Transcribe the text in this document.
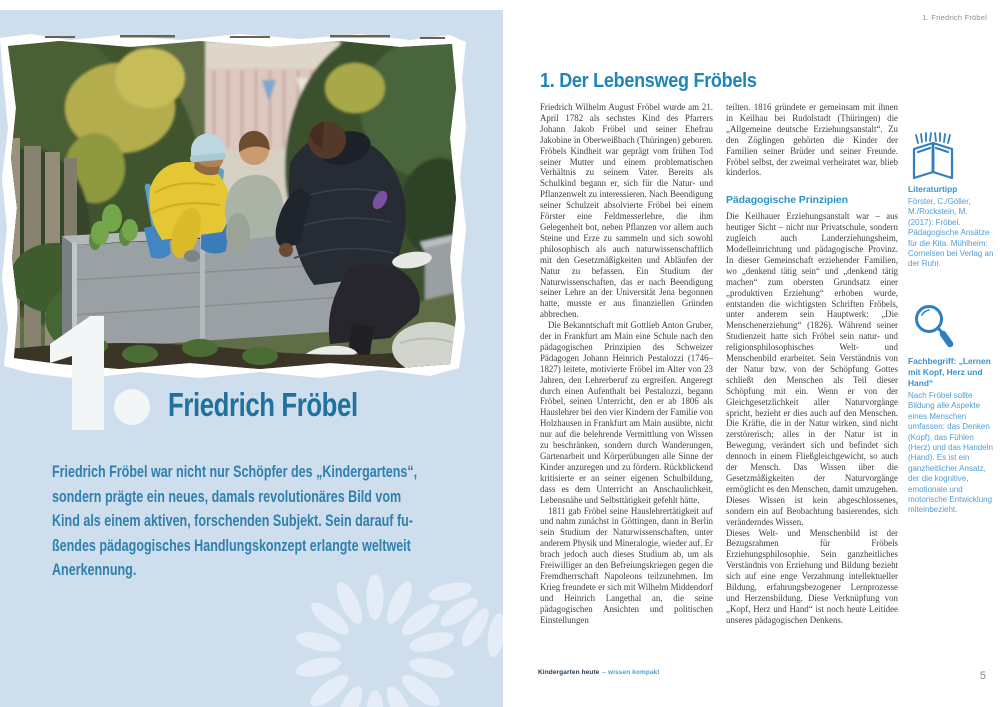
Friedrich Fröbel
Friedrich Fröbel war nicht nur Schöpfer des „Kindergartens“,
sondern prägte ein neues, damals revolutionäres Bild vom
Kind als einem aktiven, forschenden Subjekt. Sein darauf fu-
ßendes pädagogisches Handlungskonzept erlangte weltweit
Anerkennung.
1. Friedrich Fröbel
1. Der Lebensweg Fröbels

Friedrich Wilhelm August Fröbel wurde am 21. April 1782 als sechstes Kind des Pfarrers Johann Jakob Fröbel und seiner Ehefrau Jakobine in Oberweißbach (Thüringen) geboren. Fröbels Kindheit war geprägt vom frühen Tod seiner Mutter und einem problematischen Verhältnis zu seinem Vater. Bereits als Schulkind begann er, sich für die Natur- und Pflanzenwelt zu interessieren. Nach Beendigung seiner Schulzeit absolvierte Fröbel bei einem Förster eine Feldmesserlehre, die ihm Gelegenheit bot, neben Pflanzen vor allem auch Steine und Erze zu sammeln und sich sowohl philosophisch als auch naturwissenschaftlich mit den Gesetzmäßigkeiten und Abläufen der Natur zu befassen. Ein Studium der Naturwissenschaften, das er nach Beendigung seiner Lehre an der Universität Jena begonnen hatte, musste er aus finanziellen Gründen abbrechen.

Die Bekanntschaft mit Gottlieb Anton Gruber, der in Frankfurt am Main eine Schule nach den pädagogischen Prinzipien des Schweizer Pädagogen Johann Heinrich Pestalozzi (1746–1827) leitete, motivierte Fröbel im Alter von 23 Jahren, den Lehrerberuf zu ergreifen. Angeregt durch einen Aufenthalt bei Pestalozzi, begann Fröbel, seinen Unterricht, den er ab 1806 als Hauslehrer bei den vier Kindern der Familie von Holzhausen in Frankfurt am Main ausübte, nicht nur auf die belehrende Vermittlung von Wissen zu beschränken, sondern durch Wanderungen, Gartenarbeit und Körperübungen alle Sinne der Kinder anzuregen und zu fördern. Rückblickend kritisierte er an seiner eigenen Schulbildung, dass es dem Unterricht an Anschaulichkeit, Lebensnähe und Selbsttätigkeit gefehlt hätte.

1811 gab Fröbel seine Hauslehrertätigkeit auf und nahm zunächst in Göttingen, dann in Berlin sein Studium der Naturwissenschaften, unter anderem Physik und Mineralogie, wieder auf. Er brach jedoch auch dieses Studium ab, um als Freiwilliger an den Befreiungskriegen gegen die Fremdherrschaft Napoleons teilzunehmen. Im Krieg freundete er sich mit Wilhelm Middendorf und Heinrich Langethal an, die seine pädagogischen Ansichten und politischen Einstellungen

teilten. 1816 gründete er gemeinsam mit ihnen in Keilhau bei Rudolstadt (Thüringen) die „Allgemeine deutsche Erziehungsanstalt“. Zu den Zöglingen gehörten die Kinder der Familien seiner Brüder und seiner Freunde. Fröbel selbst, der zweimal verheiratet war, blieb kinderlos.

Pädagogische Prinzipien

Die Keilhauer Erziehungsanstalt war – aus heutiger Sicht – nicht nur Privatschule, sondern zugleich auch Landerziehungsheim, Modelleinrichtung und pädagogische Provinz. In dieser Gemeinschaft erziehender Familien, wo „denkend tätig sein“ und „denkend tätig machen“ zum obersten Grundsatz einer „produktiven Erziehung“ erhoben wurde, entstanden die wichtigsten Schriften Fröbels, unter anderem sein Hauptwerk: „Die Menschenerziehung“ (1826). Während seiner Studienzeit hatte sich Fröbel sein natur- und religionsphilosophisches Welt- und Menschenbild erarbeitet. Sein Verständnis von der Natur bzw. von der Schöpfung Gottes schließt den Menschen als Teil dieser Schöpfung mit ein. Wenn er von der Gleichgesetzlichkeit aller Naturvorgänge spricht, bezieht er dies auch auf den Menschen. Die Kräfte, die in der Natur wirken, sind nicht zerstörerisch; alles in der Natur ist in Bewegung, verändert sich und befindet sich dennoch in einem Fließgleichgewicht, so auch der Mensch. Das Wissen über die Gesetzmäßigkeiten der Naturvorgänge ermöglicht es den Menschen, damit umzugehen. Dieses Wissen ist kein abgeschlossenes, sondern ein auf Beobachtung basierendes, sich veränderndes Wissen.

Dieses Welt- und Menschenbild ist der Bezugsrahmen für Fröbels Erziehungsphilosophie. Sein ganzheitliches Verständnis von Erziehung und Bildung bezieht sich auf eine enge Verzahnung intellektueller Bildung, erfahrungsbezogener Lernprozesse und Herzensbildung. Diese Verknüpfung von „Kopf, Herz und Hand“ ist noch heute Leitidee unseres pädagogischen Denkens.

Literaturtipp
Förster, C./Göller, M./Rockstein, M. (2017): Fröbel. Pädagogische Ansätze für die Kita. Mühlheim: Cornelsen bei Verlag an der Ruhr.
Fachbegriff: „Lernen mit Kopf, Herz und Hand“
Nach Fröbel sollte Bildung alle Aspekte eines Menschen umfassen: das Denken (Kopf), das Fühlen (Herz) und das Handeln (Hand). Es ist ein ganzheitlicher Ansatz, der die kognitive, emotionale und motorische Entwicklung miteinbezieht.
Kindergarten heute – wissen kompakt	5
